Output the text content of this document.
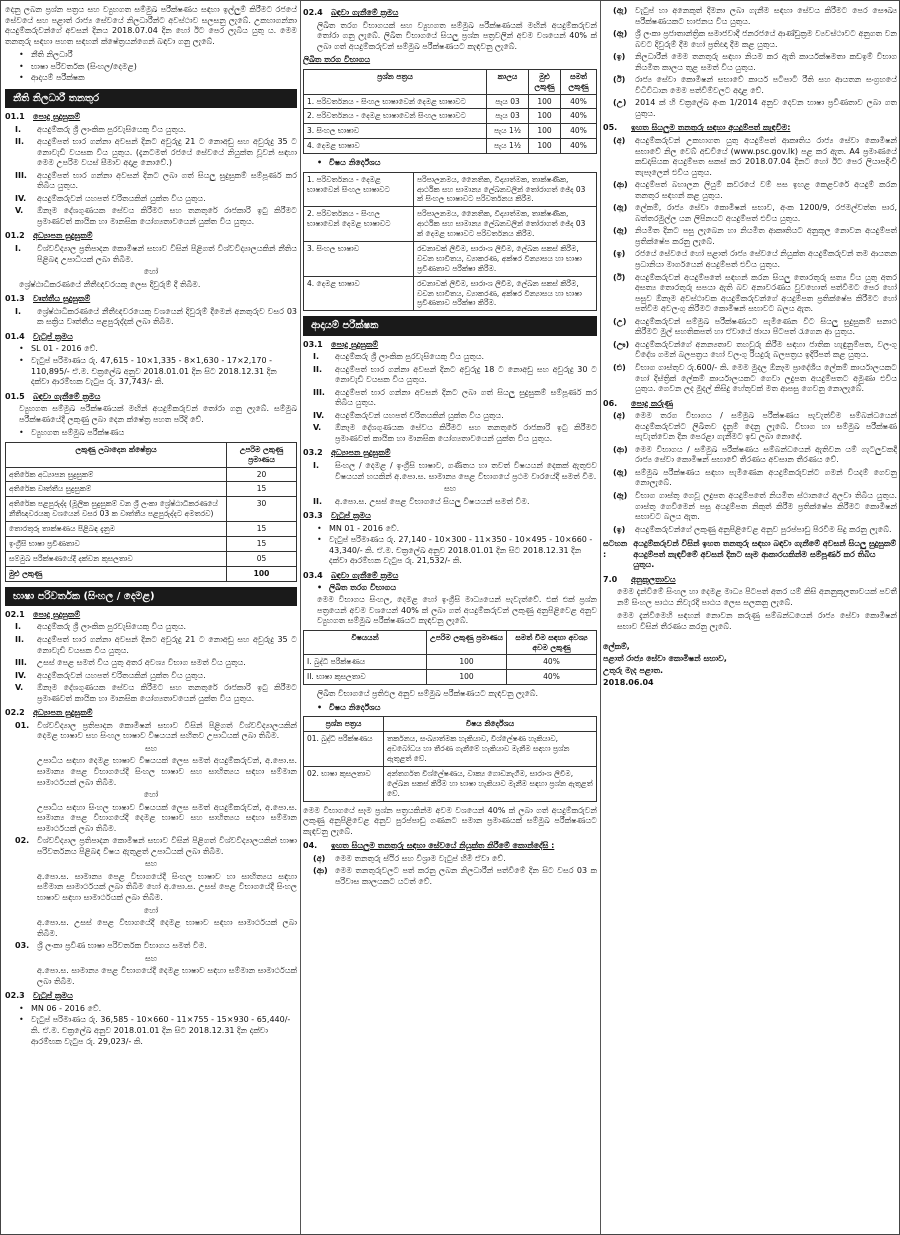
දෙනු ලබන ප්‍රශ්න පත්‍රය සහ ව්‍යුහගත සම්මුඛ පරීක්ෂණය සඳහා ඉල්ලුම් කිරීමට රජයේ සේවයේ සහ පළාත් රාජ්‍ය සේවයේ නිලධාරීන්ට අවස්ථාව සලසනු ලැබේ. උකහාගන්නා අයදුම්කරුවන්ගේ අවසන් දිනය 2018.07.04 දින හෝ ඊට පෙර ලැබිය යුතු ය. මෙම තනතුරු සඳහා පහත සඳහන් ක්ෂේත්‍රයන්ගෙන් බඳවා ගනු ලැබේ.

• නීති නිලධාරී
• භාෂා පරිවර්තක (සිංහල/දෙමළ)
• ආදායම් පරීක්ෂක
නීති නිලධාරී තනතුර
01.1 පොදු සුදුසුකම්
I.	අයදුම්කරු ශ්‍රී ලාංකික පුරවැසියෙකු විය යුතුය.
II.	අයදුම්පත් භාර ගන්නා අවසන් දිනට අවුරුදු 21 ට නොඅඩු සහ අවුරුදු 35 ට නොවැඩි වයසක විය යුතුය. (දැනටමත් රජයේ සේවයේ නියුක්ත වූවන් සඳහා මෙම උපරිම වයස් සීමාව අදාළ නොවේ.)
III.	අයදුම්පත් භාර ගන්නා අවසන් දිනට ලබා ගත් සියලු සුදුසුකම් සම්පූර්ණ කර තිබිය යුතුය.
IV.	අයදුම්කරුවන් යහපත් චරිතයකින් යුක්ත විය යුතුය.
V.	ඕනෑම දේශගුණයක සේවය කිරීමට සහ තනතුරේ රාජකාරි ඉටු කිරීමට ප්‍රමාණවත් කායික හා මානසික යෝග්‍යතාවයෙන් යුක්ත විය යුතුය.
01.2 අධ්‍යාපන සුදුසුකම්
I.	විශ්වවිද්‍යාල ප්‍රතිපාදන කොමිෂන් සභාව විසින් පිළිගත් විශ්වවිද්‍යාලයකින් නීතිය පිළිබඳ උපාධියක් ලබා තිබීම.
හෝ

ශ්‍රේෂ්ඨාධිකරණයේ නීතීඥවරයකු ලෙස දිවුරුම් දී තිබීම.

01.3 වෘත්තීය සුදුසුකම්
I.	ශ්‍රේෂ්ඨාධිකරණයේ නීතීඥවරයෙකු වශයෙන් දිවුරුම් දීමෙන් අනතුරුව වසර 03 ක සක්‍රිය වෘත්තීය පළපුරුද්දක් ලබා තිබීම.
01.4 වැටුප් ක්‍රමය
• SL 01 - 2016 වේ.
• වැටුප් පරිමාණය රු. 47,615 - 10×1,335 - 8×1,630 - 17×2,170 - 110,895/- ඒ.ම. චක්‍රලේඛ අනුව 2018.01.01 දින සිට 2018.12.31 දින දක්වා ආරම්භක වැටුප රු. 37,743/- කි.
01.5 බඳවා ගැනීමේ ක්‍රමය

ව්‍යුහගත සම්මුඛ පරීක්ෂණයක් මඟින් අයදුම්කරුවන් තෝරා ගනු ලැබේ. සම්මුඛ පරීක්ෂණයේදී ලකුණු ලබා දෙන ක්ෂේත්‍ර පහත පරිදි වේ.

• ව්‍යුහගත සම්මුඛ පරීක්ෂණය
ලකුණු ලබාදෙන ක්ෂේත්‍රය	උපරිම ලකුණු ප්‍රමාණය
අතිරේක අධ්‍යාපන සුදුසුකම්	20
අතිරේක වෘත්තීය සුදුසුකම්	15
අතිරේක පළපුරුද්ද (මූලික සුදුසුකම් වන ශ්‍රී ලංකා ශ්‍රේෂ්ඨාධිකරණයේ නීතීඥවරයකු වශයෙන් වසර 03 ක වෘත්තීය පළපුරුද්දට අමතරව)	30
තොරතුරු තාක්ෂණය පිළිබඳ දැනුම	15
ඉංග්‍රීසි භාෂා ප්‍රවීණතාව	15
සම්මුඛ පරීක්ෂණයේදී දක්වන කුසලතාව	05
මුළු ලකුණු	100
භාෂා පරිවර්තක (සිංහල / දෙමළ)
02.1 පොදු සුදුසුකම්
I.	අයදුම්කරු ශ්‍රී ලාංකික පුරවැසියෙකු විය යුතුය.
II.	අයදුම්පත් භාර ගන්නා අවසන් දිනට අවුරුදු 21 ට නොඅඩු සහ අවුරුදු 35 ට නොවැඩි වයසක විය යුතුය.
III.	උසස් පෙළ සමත් විය යුතු අතර අවශ්‍ය විභාග සමත් විය යුතුය.
IV.	අයදුම්කරුවන් යහපත් චරිතයකින් යුක්ත විය යුතුය.
V.	ඕනෑම දේශගුණයක සේවය කිරීමට සහ තනතුරේ රාජකාරි ඉටු කිරීමට ප්‍රමාණවත් කායික හා මානසික යෝග්‍යතාවයෙන් යුක්ත විය යුතුය.
02.2 අධ්‍යාපන සුදුසුකම්
01. විශ්වවිද්‍යාල ප්‍රතිපාදන කොමිෂන් සභාව විසින් පිළිගත් විශ්වවිද්‍යාලයකින් දෙමළ භාෂාව සහ සිංහල භාෂාව විෂයයන් සහිතව උපාධියක් ලබා තිබීම.
සහ
උපාධිය සඳහා දෙමළ භාෂාව විෂයයක් ලෙස සමත් අයදුම්කරුවන්, අ.පො.ස. සාමාන්‍ය පෙළ විභාගයේදී සිංහල භාෂාව සහ සාහිත්‍යය සඳහා සම්මාන සාමාර්ථයක් ලබා තිබීම.
හෝ
උපාධිය සඳහා සිංහල භාෂාව විෂයයක් ලෙස සමත් අයදුම්කරුවන්, අ.පො.ස. සාමාන්‍ය පෙළ විභාගයේදී දෙමළ භාෂාව සහ සාහිත්‍යය සඳහා සම්මාන සාමාර්ථයක් ලබා තිබීම.
02. විශ්වවිද්‍යාල ප්‍රතිපාදන කොමිෂන් සභාව විසින් පිළිගත් විශ්වවිද්‍යාලයකින් භාෂා පරිවර්තනය පිළිබඳ විෂය ඇතුළත් උපාධියක් ලබා තිබීම.
සහ
අ.පො.ස. සාමාන්‍ය පෙළ විභාගයේදී සිංහල භාෂාව හා සාහිත්‍යය සඳහා සම්මාන සාමාර්ථයක් ලබා තිබීම හෝ අ.පො.ස. උසස් පෙළ විභාගයේදී සිංහල භාෂාව සඳහා සාමාර්ථයක් ලබා තිබීම.
හෝ
අ.පො.ස. උසස් පෙළ විභාගයේදී දෙමළ භාෂාව සඳහා සාමාර්ථයක් ලබා තිබීම.
03. ශ්‍රී ලංකා ප්‍රවීණ භාෂා පරිවර්තක විභාගය සමත් වීම.
සහ
අ.පො.ස. සාමාන්‍ය පෙළ විභාගයේදී දෙමළ භාෂාව සඳහා සම්මාන සාමාර්ථයක් ලබා තිබීම.
02.3 වැටුප් ක්‍රමය
• MN 06 - 2016 වේ.
• වැටුප් පරිමාණය රු. 36,585 - 10×660 - 11×755 - 15×930 - 65,440/- කි. ඒ.ම. චක්‍රලේඛ අනුව 2018.01.01 දින සිට 2018.12.31 දින දක්වා ආරම්භක වැටුප රු. 29,023/- කි.
02.4 බඳවා ගැනීමේ ක්‍රමය

ලිඛිත තරග විභාගයක් සහ ව්‍යුහගත සම්මුඛ පරීක්ෂණයක් මඟින් අයදුම්කරුවන් තෝරා ගනු ලැබේ. ලිඛිත විභාගයේ සියලු ප්‍රශ්න පත්‍රවලින් අවම වශයෙන් 40% ක් ලබා ගත් අයදුම්කරුවන් සම්මුඛ පරීක්ෂණයට කැඳවනු ලැබේ.

ලිඛිත තරග විභාගය
ප්‍රශ්න පත්‍රය	කාලය	මුළු ලකුණු	සමත් ලකුණු
1. පරිවර්තනය - සිංහල භාෂාවෙන් දෙමළ භාෂාවට	පැය 03	100	40%
2. පරිවර්තනය - දෙමළ භාෂාවෙන් සිංහල භාෂාවට	පැය 03	100	40%
3. සිංහල භාෂාව	පැය 1½	100	40%
4. දෙමළ භාෂාව	පැය 1½	100	40%
• විෂය නිර්දේශය
1. පරිවර්තනය - දෙමළ භාෂාවෙන් සිංහල භාෂාවට	පරිපාලනමය, නෛතික, විද්‍යාත්මක, තාක්ෂණික, ආර්ථික සහ සාමාන්‍ය ලේඛනවලින් තෝරාගත් ඡේද 03 ක් සිංහල භාෂාවට පරිවර්තනය කිරීම.
2. පරිවර්තනය - සිංහල භාෂාවෙන් දෙමළ භාෂාවට	පරිපාලනමය, නෛතික, විද්‍යාත්මක, තාක්ෂණික, ආර්ථික සහ සාමාන්‍ය ලේඛනවලින් තෝරාගත් ඡේද 03 ක් දෙමළ භාෂාවට පරිවර්තනය කිරීම.
3. සිංහල භාෂාව	රචනාවක් ලිවීම, සාරාංශ ලිවීම, ලේඛන සකස් කිරීම, වචන භාවිතය, ව්‍යාකරණ, අක්ෂර වින්‍යාසය හා භාෂා ප්‍රවීණතාව පරීක්ෂා කිරීම.
4. දෙමළ භාෂාව	රචනාවක් ලිවීම, සාරාංශ ලිවීම, ලේඛන සකස් කිරීම, වචන භාවිතය, ව්‍යාකරණ, අක්ෂර වින්‍යාසය හා භාෂා ප්‍රවීණතාව පරීක්ෂා කිරීම.
ආදායම් පරීක්ෂක
03.1 පොදු සුදුසුකම්
I.	අයදුම්කරු ශ්‍රී ලාංකික පුරවැසියෙකු විය යුතුය.
II.	අයදුම්පත් භාර ගන්නා අවසන් දිනට අවුරුදු 18 ට නොඅඩු සහ අවුරුදු 30 ට නොවැඩි වයසක විය යුතුය.
III.	අයදුම්පත් භාර ගන්නා අවසන් දිනට ලබා ගත් සියලු සුදුසුකම් සම්පූර්ණ කර තිබිය යුතුය.
IV.	අයදුම්කරුවන් යහපත් චරිතයකින් යුක්ත විය යුතුය.
V.	ඕනෑම දේශගුණයක සේවය කිරීමට සහ තනතුරේ රාජකාරි ඉටු කිරීමට ප්‍රමාණවත් කායික හා මානසික යෝග්‍යතාවයෙන් යුක්ත විය යුතුය.
03.2 අධ්‍යාපන සුදුසුකම්
I.	සිංහල / දෙමළ / ඉංග්‍රීසි භාෂාව, ගණිතය හා තවත් විෂයයන් දෙකක් ඇතුළුව විෂයයන් හයකින් අ.පො.ස. සාමාන්‍ය පෙළ විභාගයේ ප්‍රථම වාරයේදී සමත් වීම.
සහ
II.	අ.පො.ස. උසස් පෙළ විභාගයේ සියලු විෂයයන් සමත් වීම.
03.3 වැටුප් ක්‍රමය
• MN 01 - 2016 වේ.
• වැටුප් පරිමාණය රු. 27,140 - 10×300 - 11×350 - 10×495 - 10×660 - 43,340/- කි. ඒ.ම. චක්‍රලේඛ අනුව 2018.01.01 දින සිට 2018.12.31 දින දක්වා ආරම්භක වැටුප රු. 21,532/- කි.
03.4 බඳවා ගැනීමේ ක්‍රමය
• ලිඛිත තරග විභාගය

මෙම විභාගය සිංහල, දෙමළ හෝ ඉංග්‍රීසි මාධ්‍යයෙන් පැවැත්වේ. එක් එක් ප්‍රශ්න පත්‍රයෙන් අවම වශයෙන් 40% ක් ලබා ගත් අයදුම්කරුවන් ලකුණු අනුපිළිවෙළ අනුව ව්‍යුහගත සම්මුඛ පරීක්ෂණයට කැඳවනු ලැබේ.

විෂයයන්	උපරිම ලකුණු ප්‍රමාණය	සමත් වීම සඳහා අවශ්‍ය අවම ලකුණු
I. බුද්ධි පරීක්ෂණය	100	40%
II. භාෂා කුසලතාව	100	40%

ලිඛිත විභාගයේ ප්‍රතිඵල අනුව සම්මුඛ පරීක්ෂණයට කැඳවනු ලැබේ.

• විෂය නිර්දේශය
ප්‍රශ්න පත්‍රය	විෂය නිර්දේශය
01. බුද්ධි පරීක්ෂණය	තර්කනය, සංඛ්‍යාත්මක හැකියාව, විශ්ලේෂණ හැකියාව, අවබෝධය හා තීරණ ගැනීමේ හැකියාව මැනීම සඳහා ප්‍රශ්න ඇතුළත් වේ.
02. භාෂා කුසලතාව	අන්තර්ගත විශ්ලේෂණය, වාක්‍ය ගොඩනැගීම, සාරාංශ ලිවීම, ලේඛන සකස් කිරීම හා භාෂා හැකියාව මැනීම සඳහා ප්‍රශ්න ඇතුළත් වේ.

මෙම විභාගයේ සෑම ප්‍රශ්න පත්‍රයකින්ම අවම වශයෙන් 40% ක් ලබා ගත් අයදුම්කරුවන් ලකුණු අනුපිළිවෙළ අනුව පුරප්පාඩු ගණනට සමාන ප්‍රමාණයක් සම්මුඛ පරීක්ෂණයට කැඳවනු ලැබේ.

04.	ඉහත සියලුම තනතුරු සඳහා සේවයේ නියුක්ත කිරීමේ කොන්දේසි :
(අ)	මෙම තනතුරු ස්ථිර සහ විශ්‍රාම වැටුප් හිමි ඒවා වේ.
(ආ) මෙම තනතුරුවලට පත් කරනු ලබන නිලධාරීන් පත්වීමේ දින සිට වසර 03 ක පරිවාස කාලයකට යටත් වේ.
(ඇ) වැටුප් හා අනෙකුත් දීමනා ලබා ගැනීම සඳහා සේවය කිරීමට පෙර සෞඛ්‍ය පරීක්ෂණයකට භාජනය විය යුතුය.
(ඈ) ශ්‍රී ලංකා ප්‍රජාතාන්ත්‍රික සමාජවාදී ජනරජයේ ආණ්ඩුක්‍රම ව්‍යවස්ථාවට අනුගත වන බවට දිවුරුම් දීම හෝ ප්‍රතිඥා දීම කළ යුතුය.
(ඉ)	නිලධාරීන් මෙම තනතුරු සඳහා නියම කර ඇති කාර්යක්ෂමතා කඩඉම් විභාග නියමිත කාලය තුළ සමත් විය යුතුය.
(ඊ)	රාජ්‍ය සේවා කොමිෂන් සභාවේ කාර්ය පටිපාටි රීති සහ ආයතන සංග්‍රහයේ විධිවිධාන මෙම පත්වීම්වලට අදාළ වේ.
(උ)	2014 ක් හි චක්‍රලේඛ අංක 1/2014 අනුව දෙවන භාෂා ප්‍රවීණතාව ලබා ගත යුතුය.
05.	ඉහත සියලුම තනතුරු සඳහා අයදුම්පත් කැඳවීම:
(අ)	අයදුම්කරුවන් උකහාගත යුතු අයදුම්පත් ආකෘතිය රාජ්‍ය සේවා කොමිෂන් සභාවේ නිල වෙබ් අඩවියේ (www.psc.gov.lk) පළ කර ඇත. A4 ප්‍රමාණයේ කඩදාසියක අයදුම්පත සකස් කර 2018.07.04 දිනට හෝ ඊට පෙර ලියාපදිංචි තැපෑලෙන් එවිය යුතුය.
(ආ) අයදුම්පත් බහාලන ලියුම් කවරයේ වම් පස ඉහළ කෙළවරේ අයදුම් කරන තනතුර සඳහන් කළ යුතුය.
(ඇ) ලේකම්, රාජ්‍ය සේවා කොමිෂන් සභාව, අංක 1200/9, රජමල්වත්ත පාර, බත්තරමුල්ල යන ලිපිනයට අයදුම්පත් එවිය යුතුය.
(ඈ) නියමිත දිනට පසු ලැබෙන හා නියමිත ආකෘතියට අනුකූල නොවන අයදුම්පත් ප්‍රතික්ෂේප කරනු ලැබේ.
(ඉ)	රජයේ සේවයේ හෝ පළාත් රාජ්‍ය සේවයේ නියුක්ත අයදුම්කරුවන් තම ආයතන ප්‍රධානියා මාර්ගයෙන් අයදුම්පත් එවිය යුතුය.
(ඊ)	අයදුම්කරුවන් අයදුම්පතේ සඳහන් කරන සියලු තොරතුරු සත්‍ය විය යුතු අතර අසත්‍ය තොරතුරු සපයා ඇති බව අනාවරණය වුවහොත් පත්වීමට පෙර හෝ පසුව ඕනෑම අවස්ථාවක අයදුම්කරුවන්ගේ අයදුම්පත ප්‍රතික්ෂේප කිරීමට හෝ පත්වීම අවලංගු කිරීමට කොමිෂන් සභාවට බලය ඇත.
(උ)	අයදුම්කරුවන් සම්මුඛ පරීක්ෂණයට පැමිණෙන විට සියලු සුදුසුකම් සනාථ කිරීමට මුල් සහතිකපත් හා ඒවායේ ඡායා පිටපත් රැගෙන ආ යුතුය.
(ඌ) අයදුම්කරුවන්ගේ අනන්‍යතාව තහවුරු කිරීම සඳහා ජාතික හැඳුනුම්පත, වලංගු විදේශ ගමන් බලපත්‍රය හෝ වලංගු රියදුරු බලපත්‍රය ඉදිරිපත් කළ යුතුය.
(එ)	විභාග ගාස්තුව රු.600/- කි. මෙම මුදල ඕනෑම ප්‍රාදේශීය ලේකම් කාර්යාලයකට හෝ දිස්ත්‍රික් ලේකම් කාර්යාලයකට ගෙවා ලදුපත අයදුම්පතට අමුණා එවිය යුතුය. ගෙවන ලද මුදල් කිසිදු හේතුවක් මත ආපසු ගෙවනු නොලැබේ.
06.	පොදු කරුණු
(අ)	මෙම තරග විභාගය / සම්මුඛ පරීක්ෂණය පැවැත්වීම සම්බන්ධයෙන් අයදුම්කරුවන්ට ලිඛිතව දැනුම් දෙනු ලැබේ. විභාග හා සම්මුඛ පරීක්ෂණ පැවැත්වෙන දින පෙරළා ගැනීමට ඉඩ ලබා නොදේ.
(ආ) මෙම විභාගය / සම්මුඛ පරීක්ෂණය සම්බන්ධයෙන් ඇතිවන යම් ගැටලුවකදී රාජ්‍ය සේවා කොමිෂන් සභාවේ තීරණය අවසාන තීරණය වේ.
(ඇ) සම්මුඛ පරීක්ෂණය සඳහා පැමිණෙන අයදුම්කරුවන්ට ගමන් වියදම් ගෙවනු නොලැබේ.
(ඈ) විභාග ගාස්තු ගෙවූ ලදුපත අයදුම්පතේ නියමිත ස්ථානයේ අලවා තිබිය යුතුය. ගාස්තු ගෙවීමෙන් පසු අයදුම්පත නිකුත් කිරීම ප්‍රතික්ෂේප කිරීමට කොමිෂන් සභාවට බලය ඇත.
(ඉ)	අයදුම්කරුවන්ගේ ලකුණු අනුපිළිවෙළ අනුව පුරප්පාඩු පිරවීම සිදු කරනු ලැබේ.
සටහන :
අයදුම්කරුවන් විසින් ඉහත තනතුරු සඳහා බඳවා ගැනීමේ අවසන් සියලු සුදුසුකම් අයදුම්පත් කැඳවීමේ අවසන් දිනට සෑම ආකාරයකින්ම සම්පූර්ණ කර තිබිය යුතුය.
7.0	අනුකූලතාවය

මෙම දැන්වීමේ සිංහල හා දෙමළ මාධ්‍ය පිටපත් අතර යම් කිසි අනනුකූලතාවයක් පවතී නම් සිංහල පාඨය නිවැරදි පාඨය ලෙස සලකනු ලැබේ.

මෙම දැන්වීමෙහි සඳහන් නොවන කරුණු සම්බන්ධයෙන් රාජ්‍ය සේවා කොමිෂන් සභාව විසින් තීරණය කරනු ලැබේ.

ලේකම්,
පළාත් රාජ්‍ය සේවා කොමිෂන් සභාව,
උතුරු මැද පළාත.
2018.06.04
